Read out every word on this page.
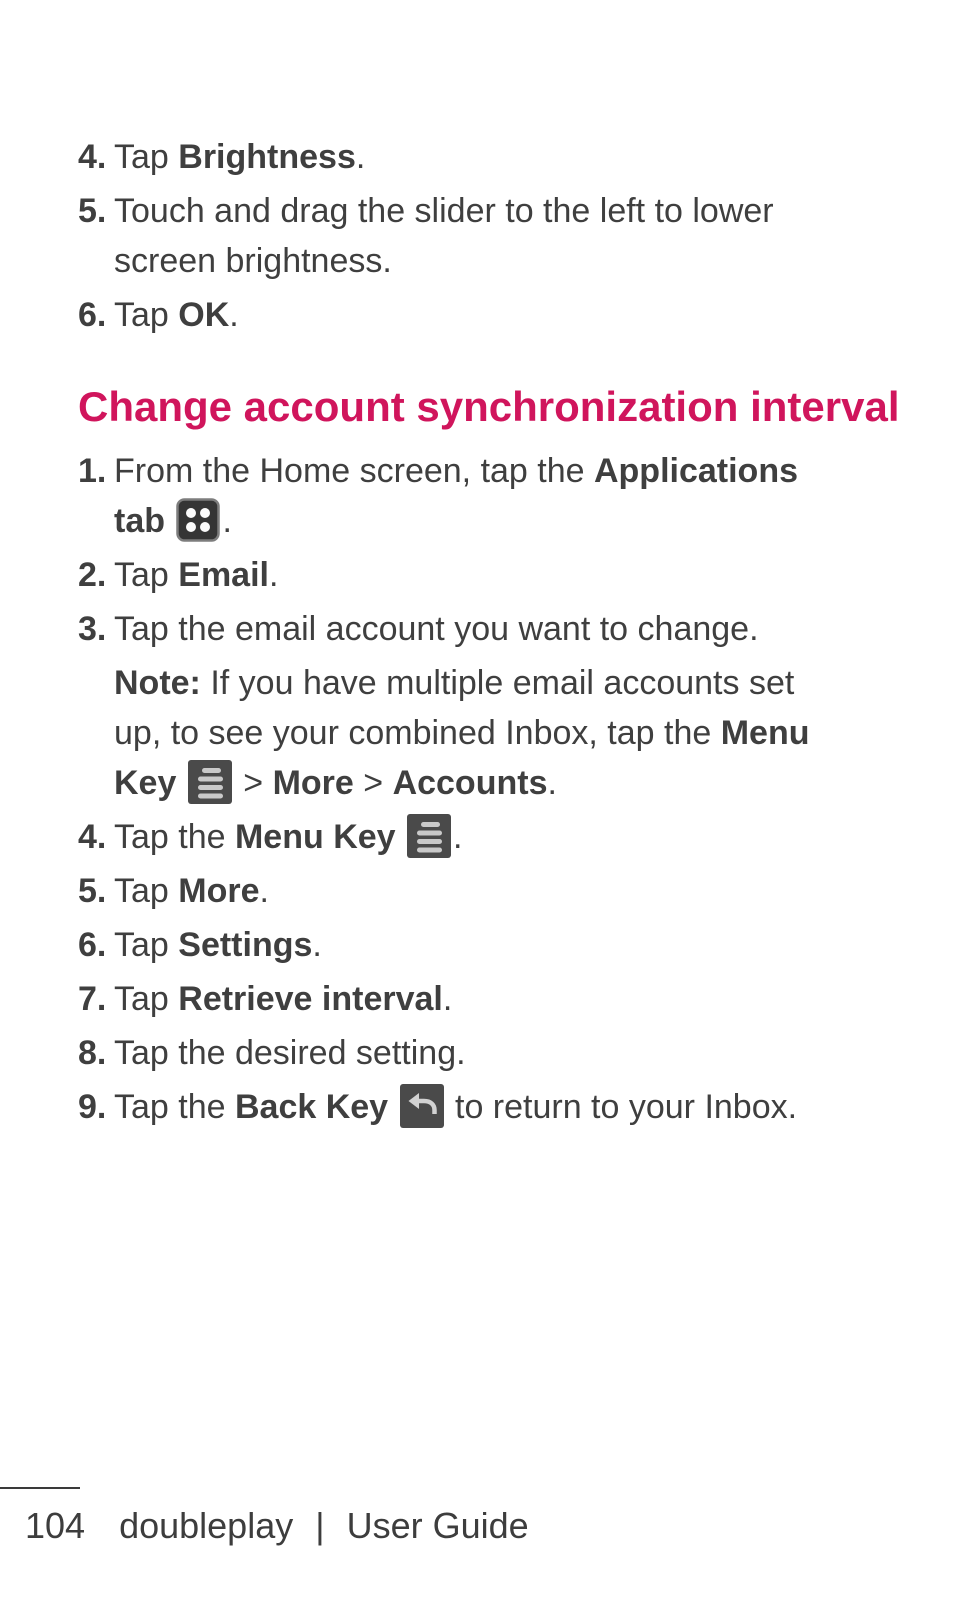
4. Tap Brightness.
5. Touch and drag the slider to the left to lower
screen brightness.
6. Tap OK.
Change account synchronization interval
1. From the Home screen, tap the Applications
tab .
2. Tap Email.
3. Tap the email account you want to change.
Note: If you have multiple email accounts set
up, to see your combined Inbox, tap the Menu
Key
> More > Accounts.
4. Tap the Menu Key .
5. Tap More.
6. Tap Settings.
7. Tap Retrieve interval.
8. Tap the desired setting.
9. Tap the Back Key
to return to your Inbox.
104 doubleplay | User Guide
